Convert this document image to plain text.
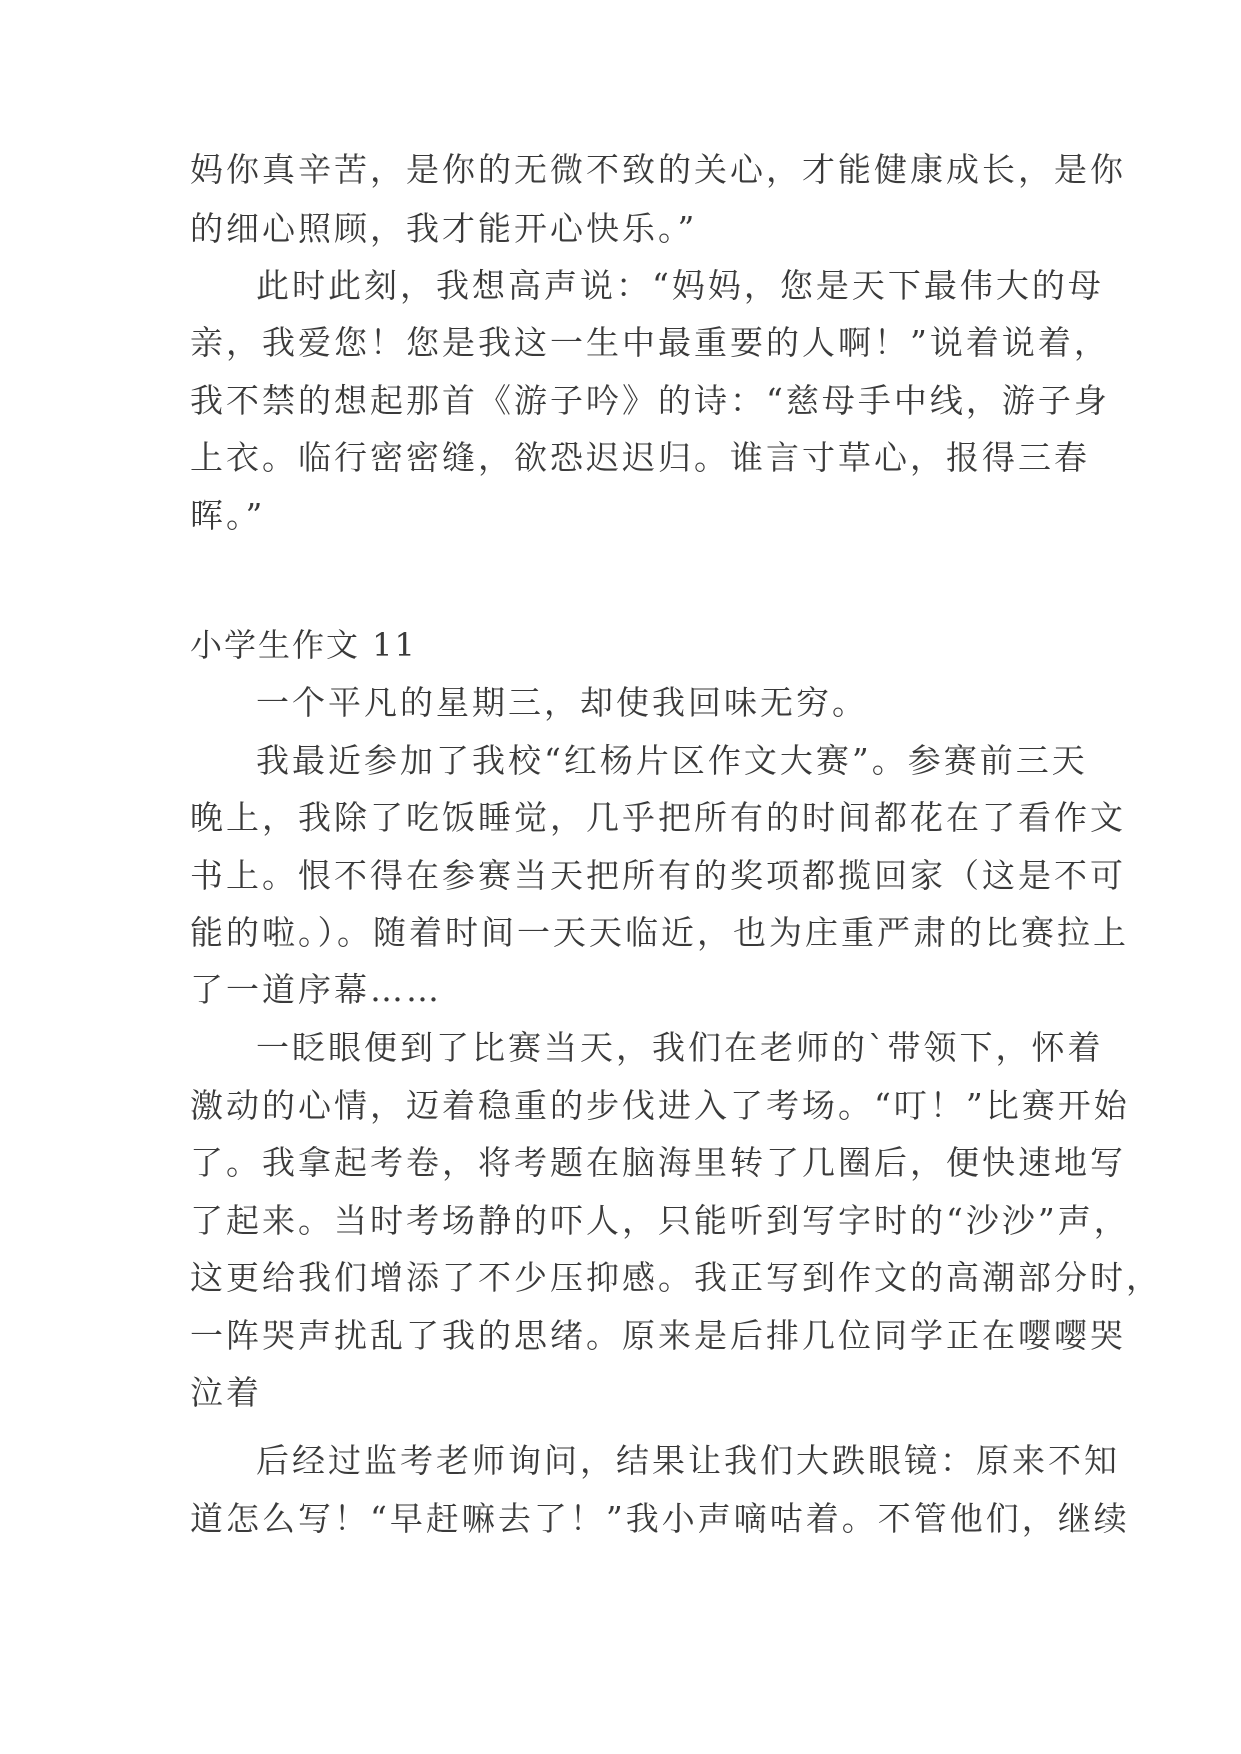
妈你真辛苦，是你的无微不致的关心，才能健康成长，是你
的细心照顾，我才能开心快乐。”
此时此刻，我想高声说：“妈妈，您是天下最伟大的母
亲，我爱您！您是我这一生中最重要的人啊！”说着说着，
我不禁的想起那首《游子吟》的诗：“慈母手中线，游子身
上衣。临行密密缝，欲恐迟迟归。谁言寸草心，报得三春
晖。”
小学生作文 11
一个平凡的星期三，却使我回味无穷。
我最近参加了我校“红杨片区作文大赛”。参赛前三天
晚上，我除了吃饭睡觉，几乎把所有的时间都花在了看作文
书上。恨不得在参赛当天把所有的奖项都揽回家（这是不可
能的啦。）。随着时间一天天临近，也为庄重严肃的比赛拉上
了一道序幕……
一眨眼便到了比赛当天，我们在老师的`带领下，怀着
激动的心情，迈着稳重的步伐进入了考场。“叮！”比赛开始
了。我拿起考卷，将考题在脑海里转了几圈后，便快速地写
了起来。当时考场静的吓人，只能听到写字时的“沙沙”声，
这更给我们增添了不少压抑感。我正写到作文的高潮部分时，
一阵哭声扰乱了我的思绪。原来是后排几位同学正在嘤嘤哭
泣着
后经过监考老师询问，结果让我们大跌眼镜：原来不知
道怎么写！“早赶嘛去了！”我小声嘀咕着。不管他们，继续
